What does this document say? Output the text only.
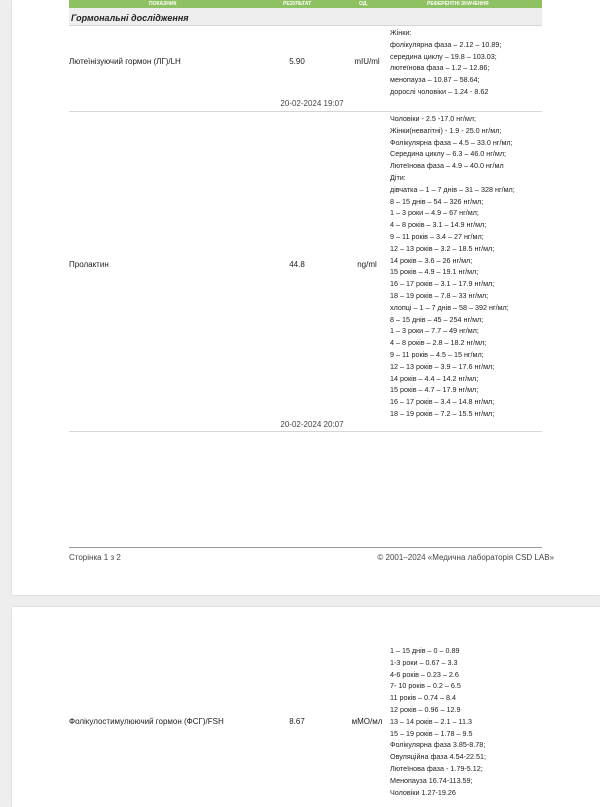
ПОКАЗНИК	РЕЗУЛЬТАТ	ОД.	РЕФЕРЕНТНІ ЗНАЧЕННЯ
Гормональні дослідження
Лютеїнізуючий гормон (ЛГ)/LH	5.90	mIU/ml
Жінки:
фолікулярна фаза – 2.12 – 10.89;
середина циклу – 19.8 – 103.03;
лютеїнова фаза – 1.2 – 12.86;
менопауза – 10.87 – 58.64;
дорослі чоловіки – 1.24 - 8.62
20-02-2024 19:07
Пролактин	44.8	ng/ml
Чоловіки - 2.5 -17.0 нг/мл;
Жінки(невагітні) - 1.9 - 25.0 нг/мл;
Фолікулярна фаза – 4.5 – 33.0 нг/мл;
Середина циклу – 6.3 – 46.0 нг/мл;
Лютеїнова фаза – 4.9 – 40.0 нг/мл
Діти:
дівчатка – 1 – 7 днів – 31 – 328 нг/мл;
8 – 15 днів – 54 – 326 нг/мл;
1 – 3 роки – 4.9 – 67 нг/мл;
4 – 8 років – 3.1 – 14.9 нг/мл;
9 – 11 років – 3.4 – 27 нг/мл;
12 – 13 років – 3.2 – 18.5 нг/мл;
14 років – 3.6 – 26 нг/мл;
15 років – 4.9 – 19.1 нг/мл;
16 – 17 років – 3.1 – 17.9 нг/мл;
18 – 19 років – 7.8 – 33 нг/мл;
хлопці – 1 – 7 днів – 58 – 392 нг/мл;
8 – 15 днів – 45 – 254 нг/мл;
1 – 3 роки – 7.7 – 49 нг/мл;
4 – 8 років – 2.8 – 18.2 нг/мл;
9 – 11 років – 4.5 – 15 нг/мл;
12 – 13 років – 3.9 – 17.6 нг/мл;
14 років – 4.4 – 14.2 нг/мл;
15 років – 4.7 – 17.9 нг/мл;
16 – 17 років – 3.4 – 14.8 нг/мл;
18 – 19 років – 7.2 – 15.5 нг/мл;
20-02-2024 20:07
Сторінка 1 з 2	© 2001–2024 «Медична лабораторія CSD LAB»
Фолікулостимулюючий гормон (ФСГ)/FSH	8.67	мМО/мл
1 – 15 днів – 0 – 0.89
1-3 роки – 0.67 – 3.3
4-6 років – 0.23 – 2.6
7- 10 років – 0.2 – 6.5
11 років – 0.74 – 8.4
12 років – 0.96 – 12.9
13 – 14 років – 2.1 – 11.3
15 – 19 років – 1.78 – 9.5
Фолікулярна фаза 3.85-8.78;
Овуляційна фаза 4.54-22.51;
Лютеїнова фаза - 1.79-5.12;
Менопауза 16.74-113.59;
Чоловіки 1.27-19.26
